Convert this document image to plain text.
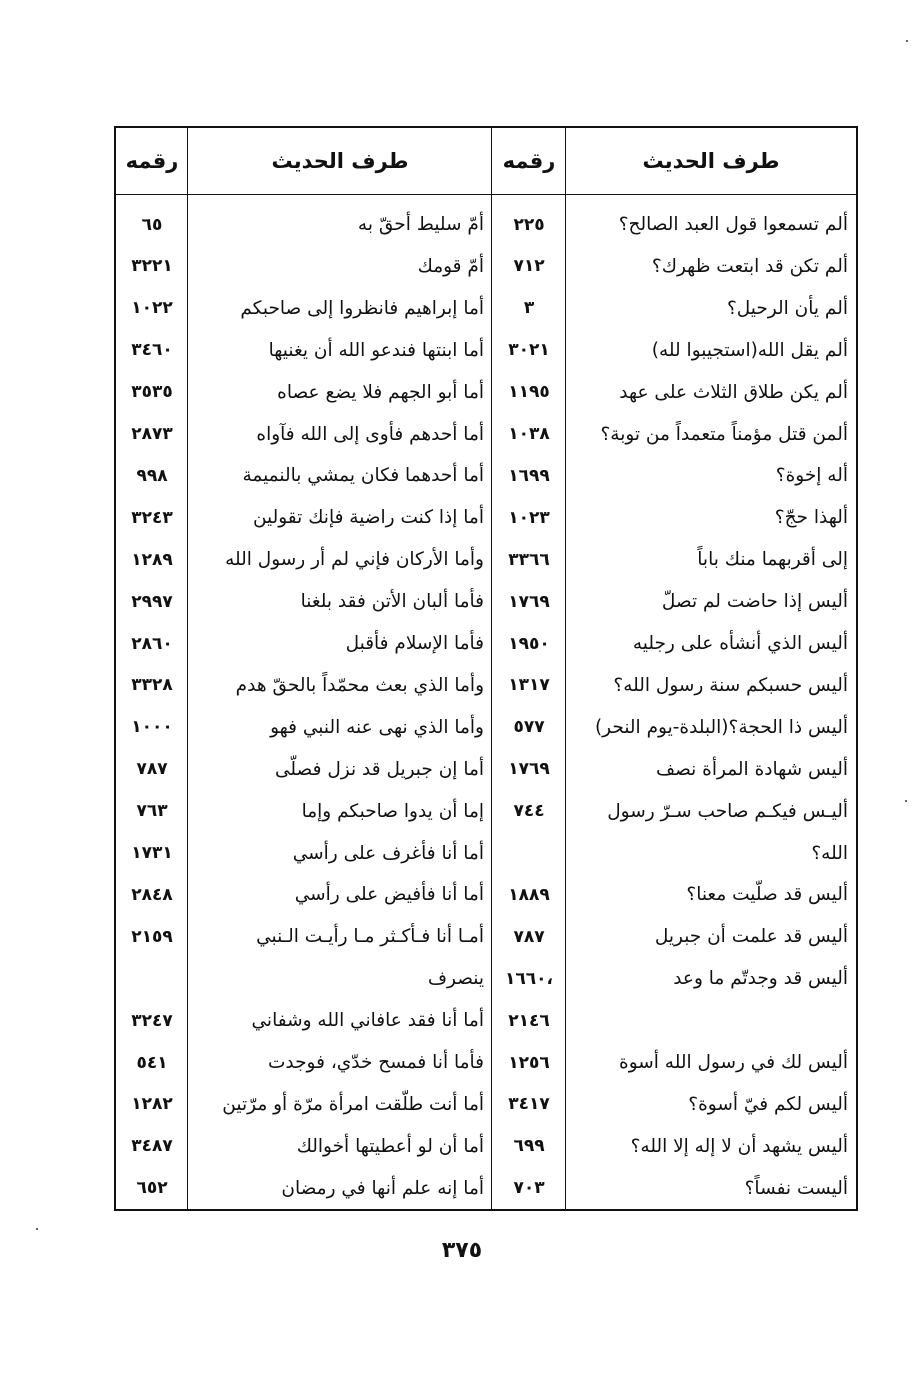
طرف الحديث
رقمه
طرف الحديث
رقمه
ألم تسمعوا قول العبد الصالح؟
٢٢٥
أمّ سليط أحقّ به
٦٥
ألم تكن قد ابتعت ظهرك؟
٧١٢
أمّ قومك
٣٢٢١
ألم يأن الرحيل؟
٣
أما إبراهيم فانظروا إلى صاحبكم
١٠٢٢
ألم يقل الله(استجيبوا لله)
٣٠٢١
أما ابنتها فندعو الله أن يغنيها
٣٤٦٠
ألم يكن طلاق الثلاث على عهد
١١٩٥
أما أبو الجهم فلا يضع عصاه
٣٥٣٥
ألمن قتل مؤمناً متعمداً من توبة؟
١٠٣٨
أما أحدهم فأوى إلى الله فآواه
٢٨٧٣
أله إخوة؟
١٦٩٩
أما أحدهما فكان يمشي بالنميمة
٩٩٨
ألهذا حجّ؟
١٠٢٣
أما إذا كنت راضية فإنك تقولين
٣٢٤٣
إلى أقربهما منك باباً
٣٣٦٦
وأما الأركان فإني لم أر رسول الله
١٢٨٩
أليس إذا حاضت لم تصلّ
١٧٦٩
فأما ألبان الأتن فقد بلغنا
٢٩٩٧
أليس الذي أنشأه على رجليه
١٩٥٠
فأما الإسلام فأقبل
٢٨٦٠
أليس حسبكم سنة رسول الله؟
١٣١٧
وأما الذي بعث محمّداً بالحقّ هدم
٣٣٢٨
أليس ذا الحجة؟(البلدة-يوم النحر)
٥٧٧
وأما الذي نهى عنه النبي فهو
١٠٠٠
أليس شهادة المرأة نصف
١٧٦٩
أما إن جبريل قد نزل فصلّى
٧٨٧
أليـس فيكـم صاحب سـرّ رسول
٧٤٤
إما أن يدوا صاحبكم وإما
٧٦٣
الله؟
أما أنا فأغرف على رأسي
١٧٣١
أليس قد صلّيت معنا؟
١٨٨٩
أما أنا فأفيض على رأسي
٢٨٤٨
أليس قد علمت أن جبريل
٧٨٧
أمـا أنا فـأكـثر مـا رأيـت الـنبي
٢١٥٩
أليس قد وجدتّم ما وعد
،١٦٦٠
ينصرف
٢١٤٦
أما أنا فقد عافاني الله وشفاني
٣٢٤٧
أليس لك في رسول الله أسوة
١٢٥٦
فأما أنا فمسح خدّي، فوجدت
٥٤١
أليس لكم فيّ أسوة؟
٣٤١٧
أما أنت طلّقت امرأة مرّة أو مرّتين
١٢٨٢
أليس يشهد أن لا إله إلا الله؟
٦٩٩
أما أن لو أعطيتها أخوالك
٣٤٨٧
أليست نفساً؟
٧٠٣
أما إنه علم أنها في رمضان
٦٥٢
٣٧٥
